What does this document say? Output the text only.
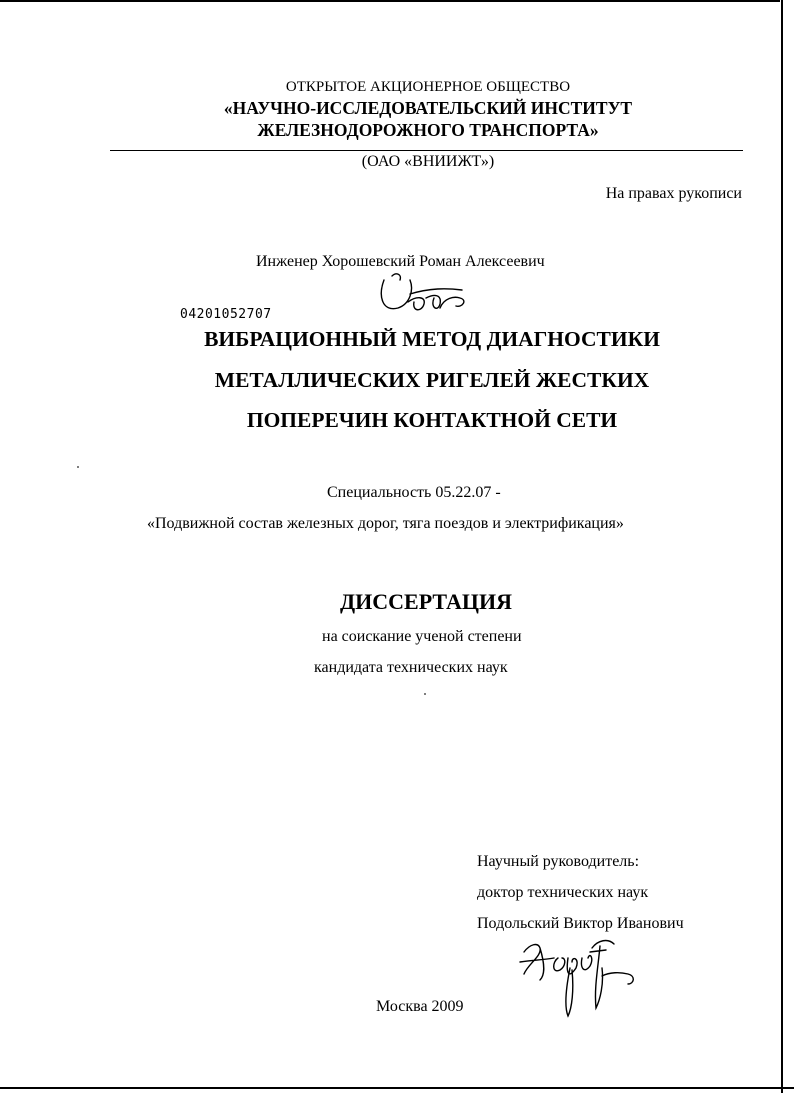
ОТКРЫТОЕ АКЦИОНЕРНОЕ ОБЩЕСТВО
«НАУЧНО-ИССЛЕДОВАТЕЛЬСКИЙ ИНСТИТУТ
ЖЕЛЕЗНОДОРОЖНОГО ТРАНСПОРТА»
(ОАО «ВНИИЖТ»)
На правах рукописи
Инженер Хорошевский Роман Алексеевич
04201052707
ВИБРАЦИОННЫЙ МЕТОД ДИАГНОСТИКИ
МЕТАЛЛИЧЕСКИХ РИГЕЛЕЙ ЖЕСТКИХ
ПОПЕРЕЧИН КОНТАКТНОЙ СЕТИ
Специальность 05.22.07 -
«Подвижной состав железных дорог, тяга поездов и электрификация»
ДИССЕРТАЦИЯ
на соискание ученой степени
кандидата технических наук
Научный руководитель:
доктор технических наук
Подольский Виктор Иванович
Москва 2009
